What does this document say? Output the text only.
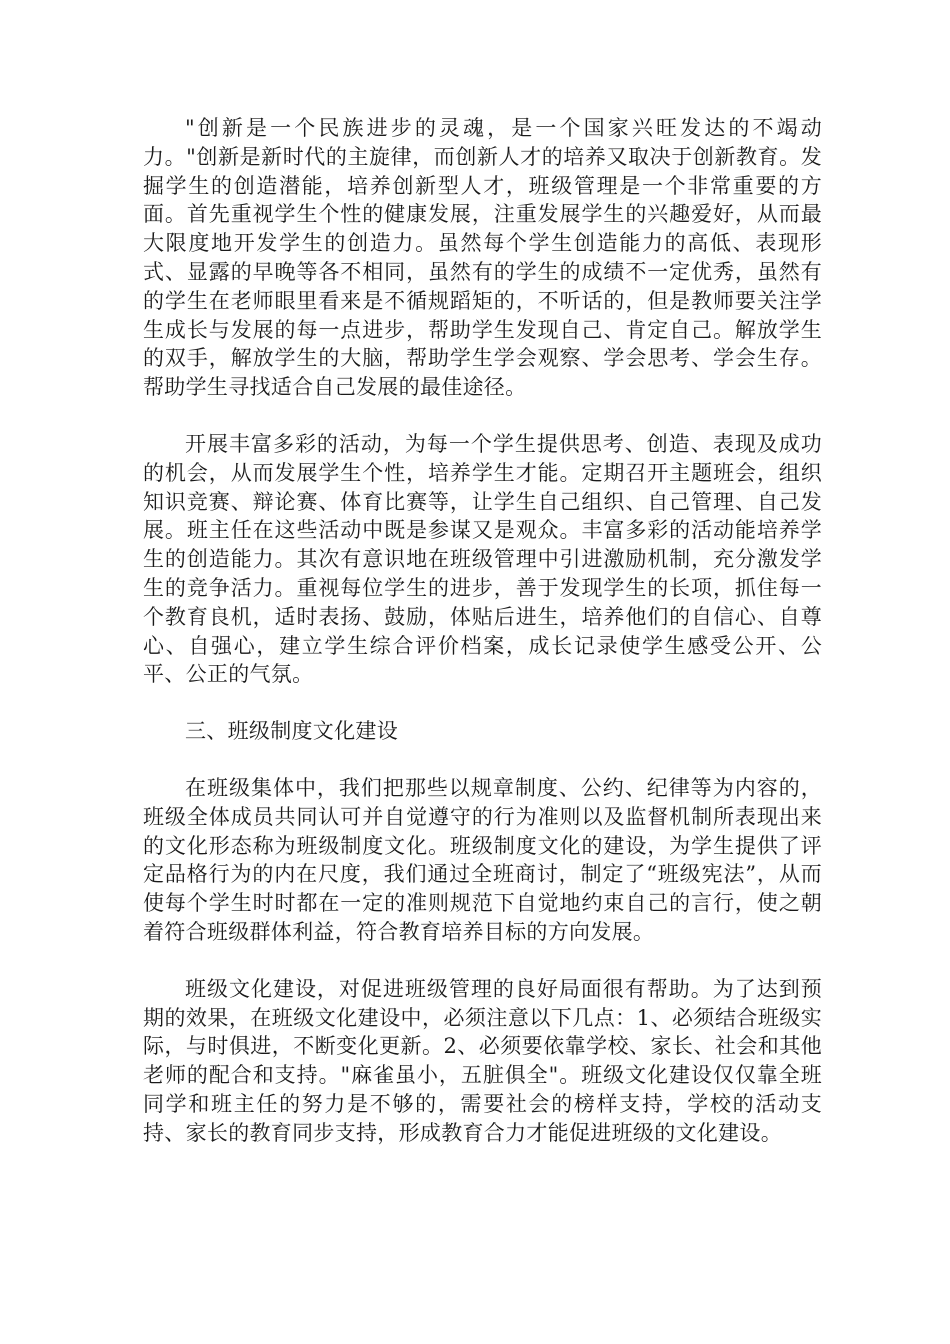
"创新是一个民族进步的灵魂，是一个国家兴旺发达的不竭动力。"创新是新时代的主旋律，而创新人才的培养又取决于创新教育。发掘学生的创造潜能，培养创新型人才，班级管理是一个非常重要的方面。首先重视学生个性的健康发展，注重发展学生的兴趣爱好，从而最大限度地开发学生的创造力。虽然每个学生创造能力的高低、表现形式、显露的早晚等各不相同，虽然有的学生的成绩不一定优秀，虽然有的学生在老师眼里看来是不循规蹈矩的，不听话的，但是教师要关注学生成长与发展的每一点进步，帮助学生发现自己、肯定自己。解放学生的双手，解放学生的大脑，帮助学生学会观察、学会思考、学会生存。帮助学生寻找适合自己发展的最佳途径。

开展丰富多彩的活动，为每一个学生提供思考、创造、表现及成功的机会，从而发展学生个性，培养学生才能。定期召开主题班会，组织知识竞赛、辩论赛、体育比赛等，让学生自己组织、自己管理、自己发展。班主任在这些活动中既是参谋又是观众。丰富多彩的活动能培养学生的创造能力。其次有意识地在班级管理中引进激励机制，充分激发学生的竞争活力。重视每位学生的进步，善于发现学生的长项，抓住每一个教育良机，适时表扬、鼓励，体贴后进生，培养他们的自信心、自尊心、自强心，建立学生综合评价档案，成长记录使学生感受公开、公平、公正的气氛。

三、班级制度文化建设

在班级集体中，我们把那些以规章制度、公约、纪律等为内容的，班级全体成员共同认可并自觉遵守的行为准则以及监督机制所表现出来的文化形态称为班级制度文化。班级制度文化的建设，为学生提供了评定品格行为的内在尺度，我们通过全班商讨，制定了“班级宪法”，从而使每个学生时时都在一定的准则规范下自觉地约束自己的言行，使之朝着符合班级群体利益，符合教育培养目标的方向发展。

班级文化建设，对促进班级管理的良好局面很有帮助。为了达到预期的效果，在班级文化建设中，必须注意以下几点：1、必须结合班级实际，与时俱进，不断变化更新。2、必须要依靠学校、家长、社会和其他老师的配合和支持。"麻雀虽小，五脏俱全"。班级文化建设仅仅靠全班同学和班主任的努力是不够的，需要社会的榜样支持，学校的活动支持、家长的教育同步支持，形成教育合力才能促进班级的文化建设。
